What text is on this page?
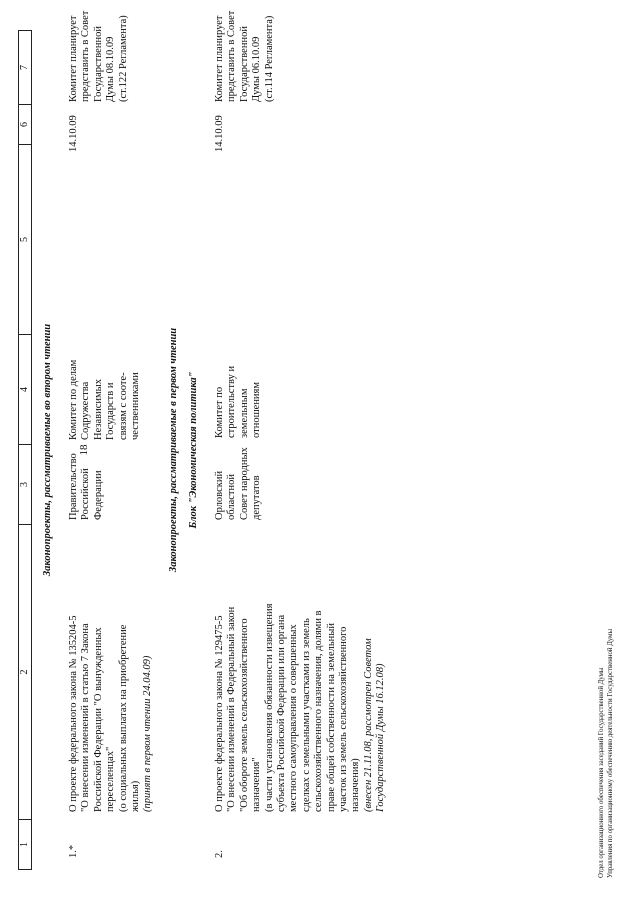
18
1
2
3
4
5
6
7
Законопроекты, рассматриваемые во втором чтении
1.*
О проекте федерального закона № 135204-5 "О внесении изменений в статью 7 Закона Российской Федерации "О вынужденных переселенцах" (о социальных выплатах на приобретение жилья) (принят в первом чтении 24.04.09)
Правительство Российской Федерации
Комитет по делам Содружества Независимых Государств и связям с соотe- чественниками
14.10.09
Комитет планирует представить в Совет Государственной Думы 08.10.09 (ст.122 Регламента)
Законопроекты, рассматриваемые в первом чтении Блок "Экономическая политика"
2.
О проекте федерального закона № 129475-5 "О внесении изменений в Федеральный закон "Об обороте земель сельскохозяйственного назначения" (в части установления обязанности извещения субъекта Российской Федерации или органа местного самоуправления о совершенных сделках с земельными участками из земель сельскохозяйственного назначения, долями в праве общей собственности на земельный участок из земель сельскохозяйственного назначения) (внесен 21.11.08, рассмотрен Советом Государственной Думы 16.12.08)
Орловский областной Совет народных депутатов
Комитет по строительству и земельным отношениям
14.10.09
Комитет планирует представить в Совет Государственной Думы 06.10.09 (ст.114 Регламента)
Отдел организационного обеспечения заседаний Государственной Думы Управления по организационному обеспечению деятельности Государственной Думы
